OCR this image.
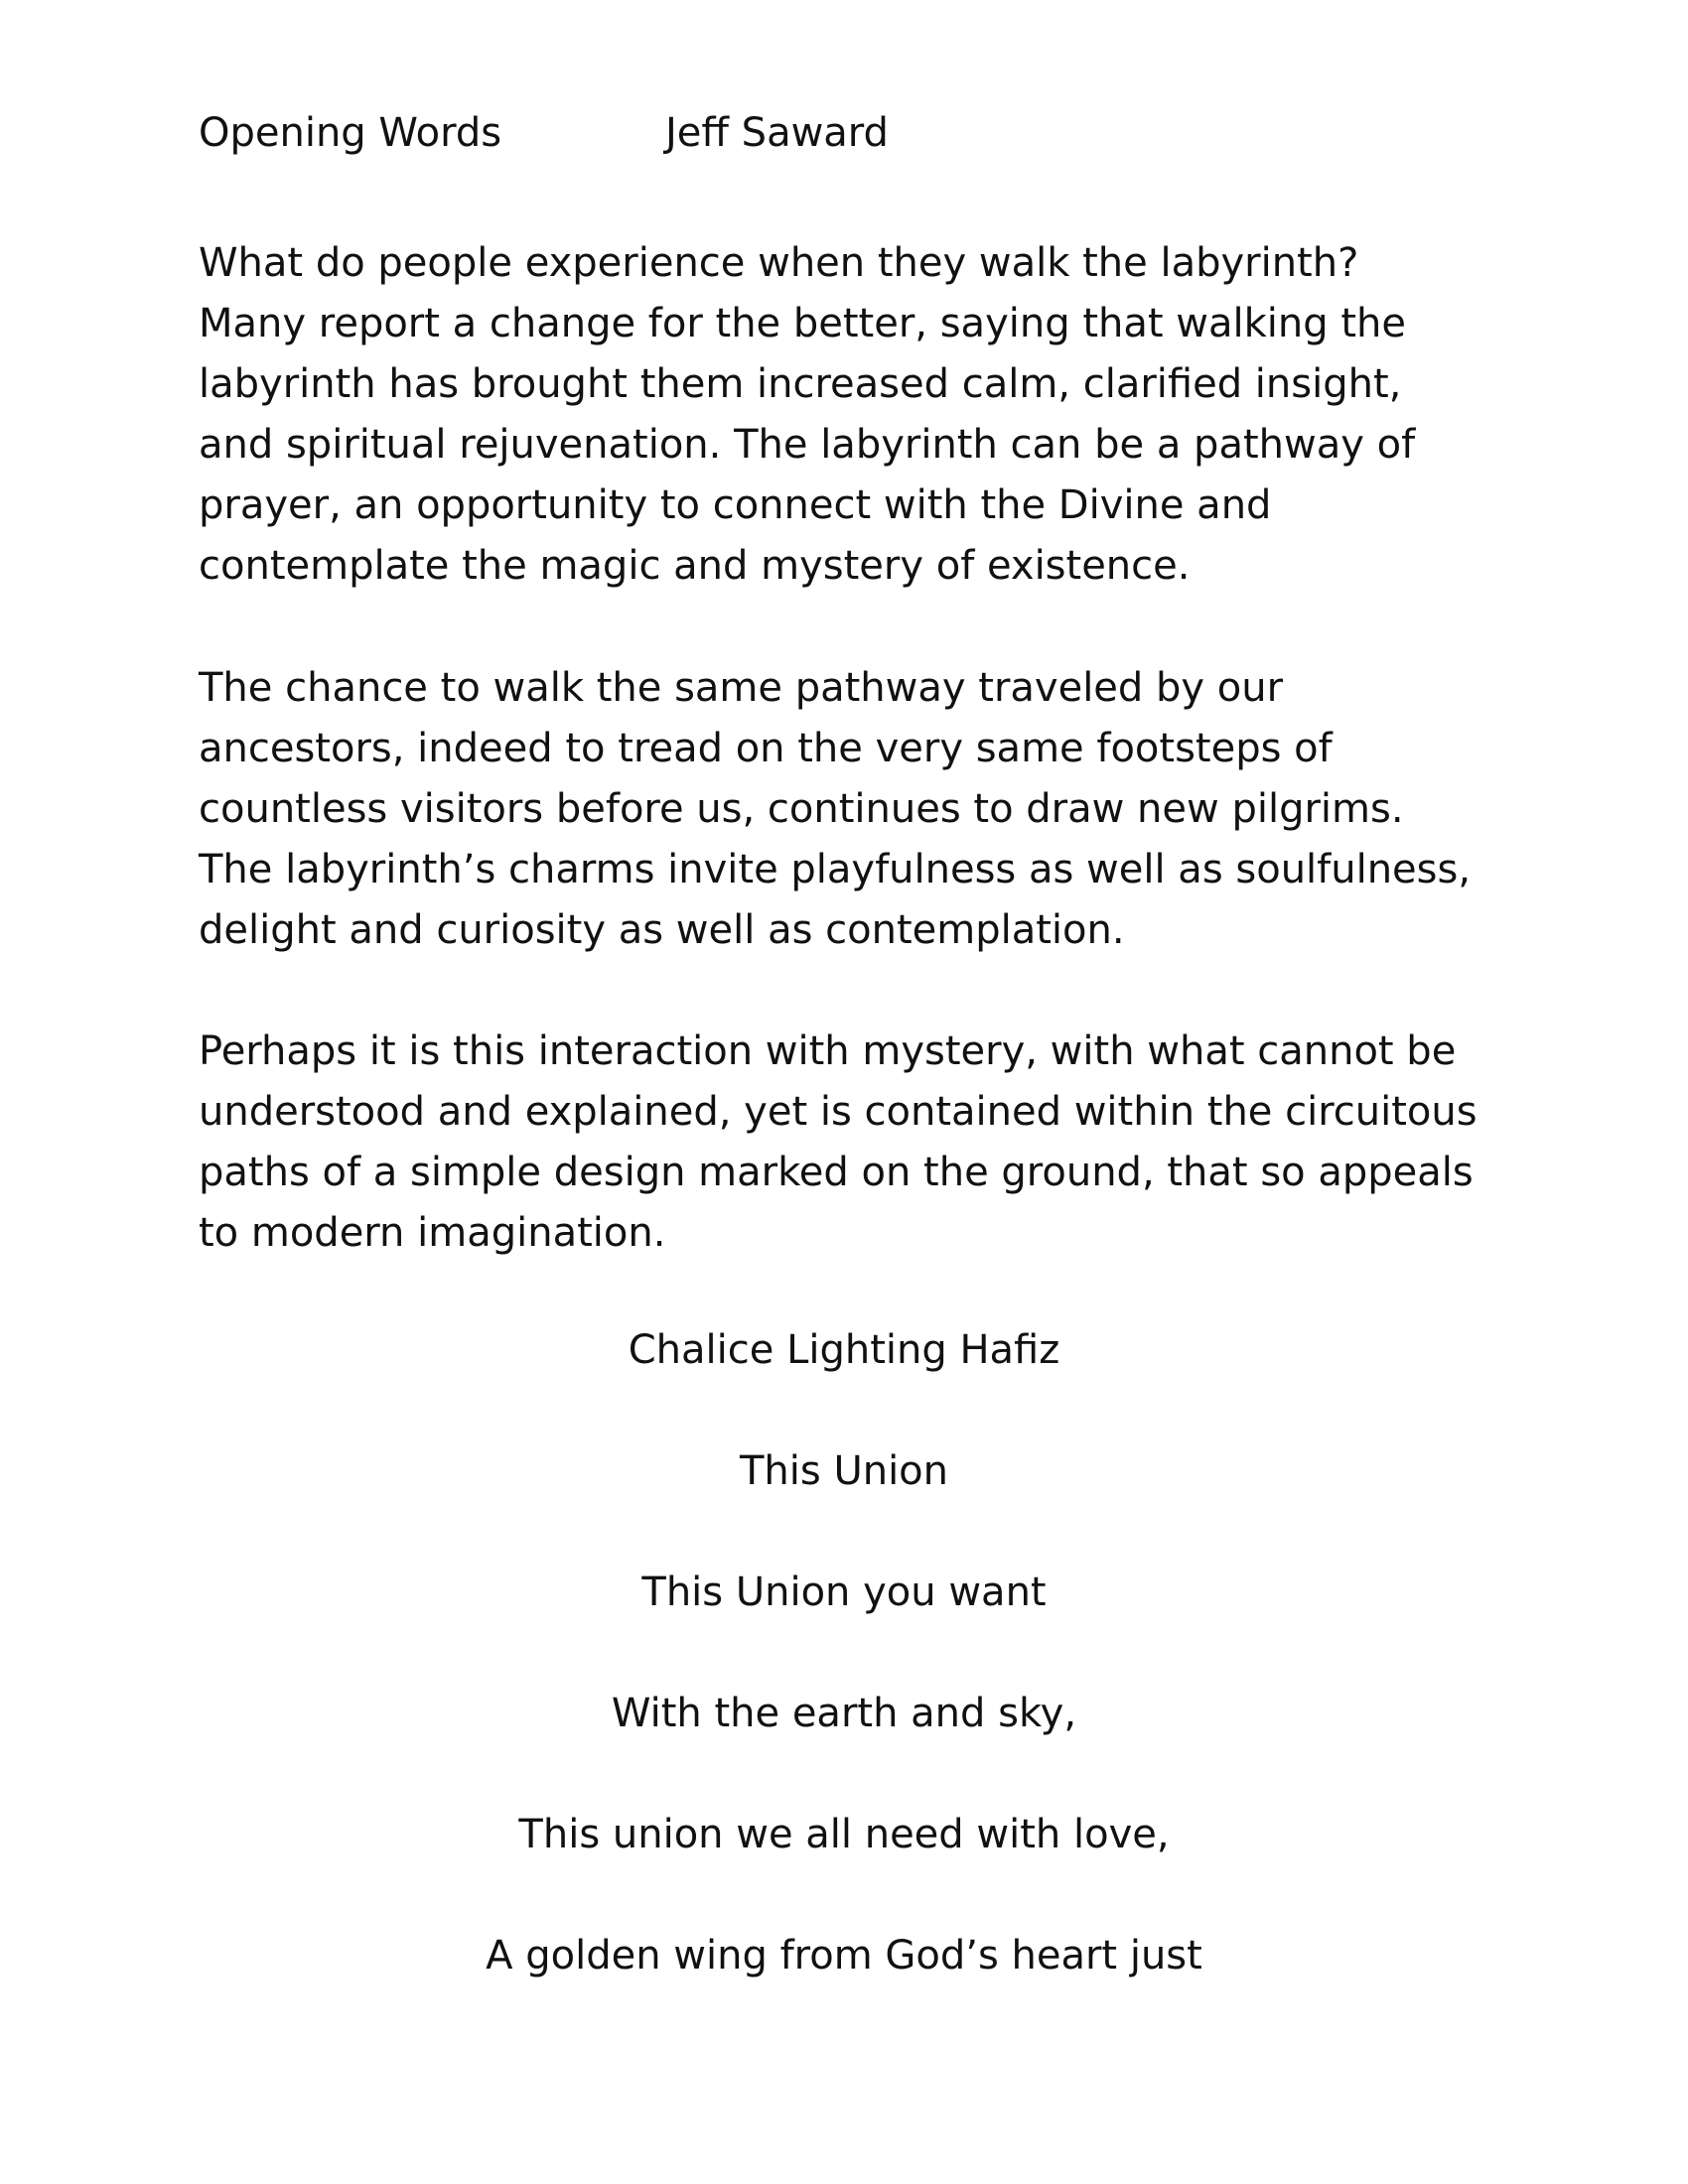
Opening Words	Jeff Saward

What do people experience when they walk the labyrinth?
Many report a change for the better, saying that walking the
labyrinth has brought them increased calm, clarified insight,
and spiritual rejuvenation. The labyrinth can be a pathway of
prayer, an opportunity to connect with the Divine and
contemplate the magic and mystery of existence.

The chance to walk the same pathway traveled by our
ancestors, indeed to tread on the very same footsteps of
countless visitors before us, continues to draw new pilgrims.
The labyrinth’s charms invite playfulness as well as soulfulness,
delight and curiosity as well as contemplation.

Perhaps it is this interaction with mystery, with what cannot be
understood and explained, yet is contained within the circuitous
paths of a simple design marked on the ground, that so appeals
to modern imagination.

Chalice Lighting Hafiz

This Union

This Union you want

With the earth and sky,

This union we all need with love,

A golden wing from God’s heart just
